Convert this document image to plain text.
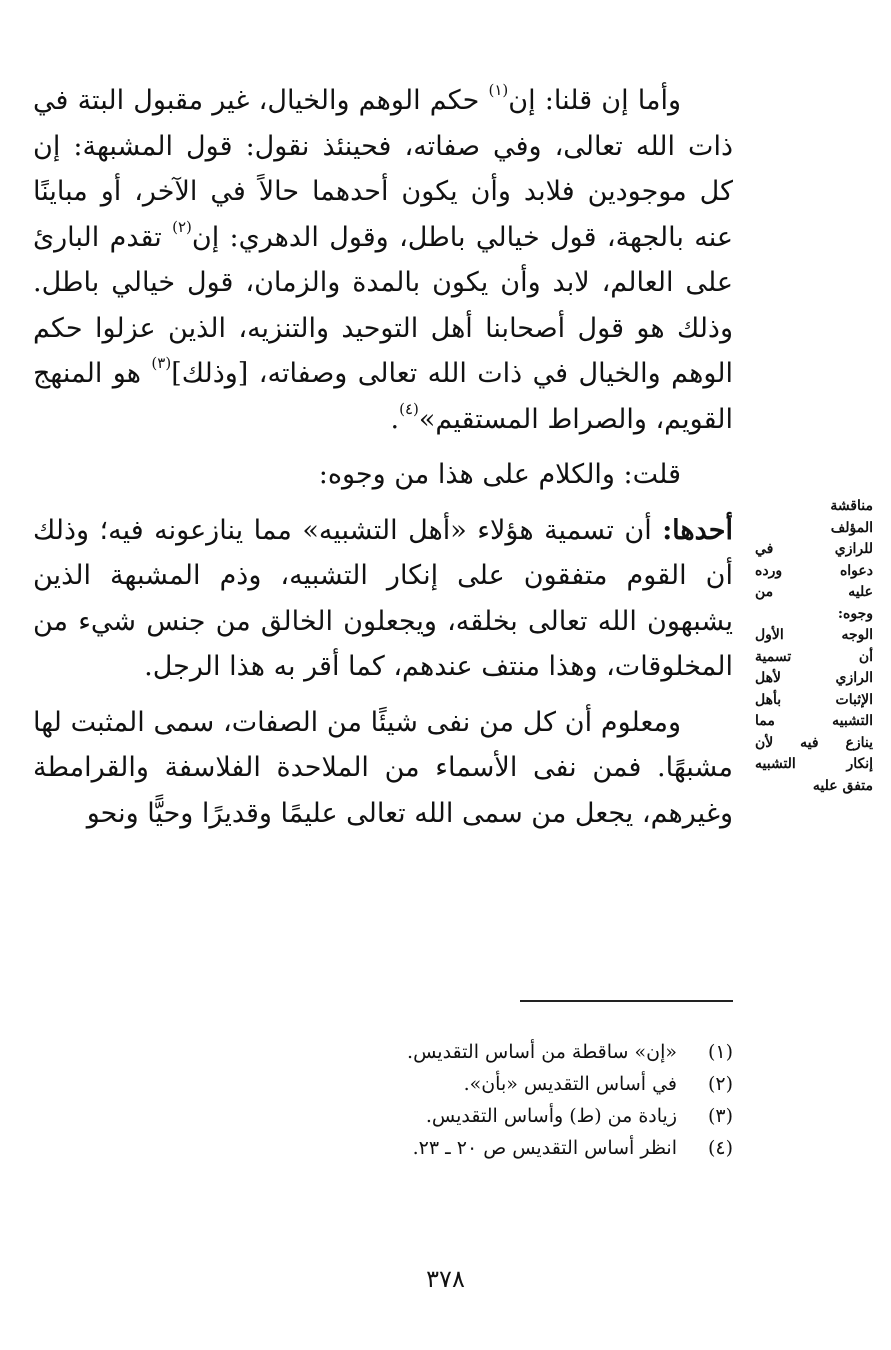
وأما إن قلنا: إن$^{(١)}$ حكم الوهم والخيال، غير مقبول البتة في ذات الله تعالى، وفي صفاته، فحينئذ نقول: قول المشبهة: إن كل موجودين فلابد وأن يكون أحدهما حالاً في الآخر، أو مباينًا عنه بالجهة، قول خيالي باطل، وقول الدهري: إن$^{(٢)}$ تقدم البارئ على العالم، لابد وأن يكون بالمدة والزمان، قول خيالي باطل. وذلك هو قول أصحابنا أهل التوحيد والتنزيه، الذين عزلوا حكم الوهم والخيال في ذات الله تعالى وصفاته، [وذلك]$^{(٣)}$ هو المنهج القويم، والصراط المستقيم»$^{(٤)}$.
قلت: والكلام على هذا من وجوه:
أحدها: أن تسمية هؤلاء «أهل التشبيه» مما ينازعونه فيه؛ وذلك أن القوم متفقون على إنكار التشبيه، وذم المشبهة الذين يشبهون الله تعالى بخلقه، ويجعلون الخالق من جنس شيء من المخلوقات، وهذا منتف عندهم، كما أقر به هذا الرجل.
ومعلوم أن كل من نفى شيئًا من الصفات، سمى المثبت لها مشبهًا. فمن نفى الأسماء من الملاحدة الفلاسفة والقرامطة وغيرهم، يجعل من سمى الله تعالى عليمًا وقديرًا وحيًّا ونحو
مناقشة
المؤلف
للرازي في
دعواه ورده
عليه من
وجوه:
الوجه الأول
أن تسمية
الرازي لأهل
الإثبات بأهل
التشبيه مما
ينازع فيه لأن
إنكار التشبيه
متفق عليه
(١)
«إن» ساقطة من أساس التقديس.
(٢)
في أساس التقديس «بأن».
(٣)
زيادة من (ط) وأساس التقديس.
(٤)
انظر أساس التقديس ص ٢٠ ـ ٢٣.
٣٧٨
